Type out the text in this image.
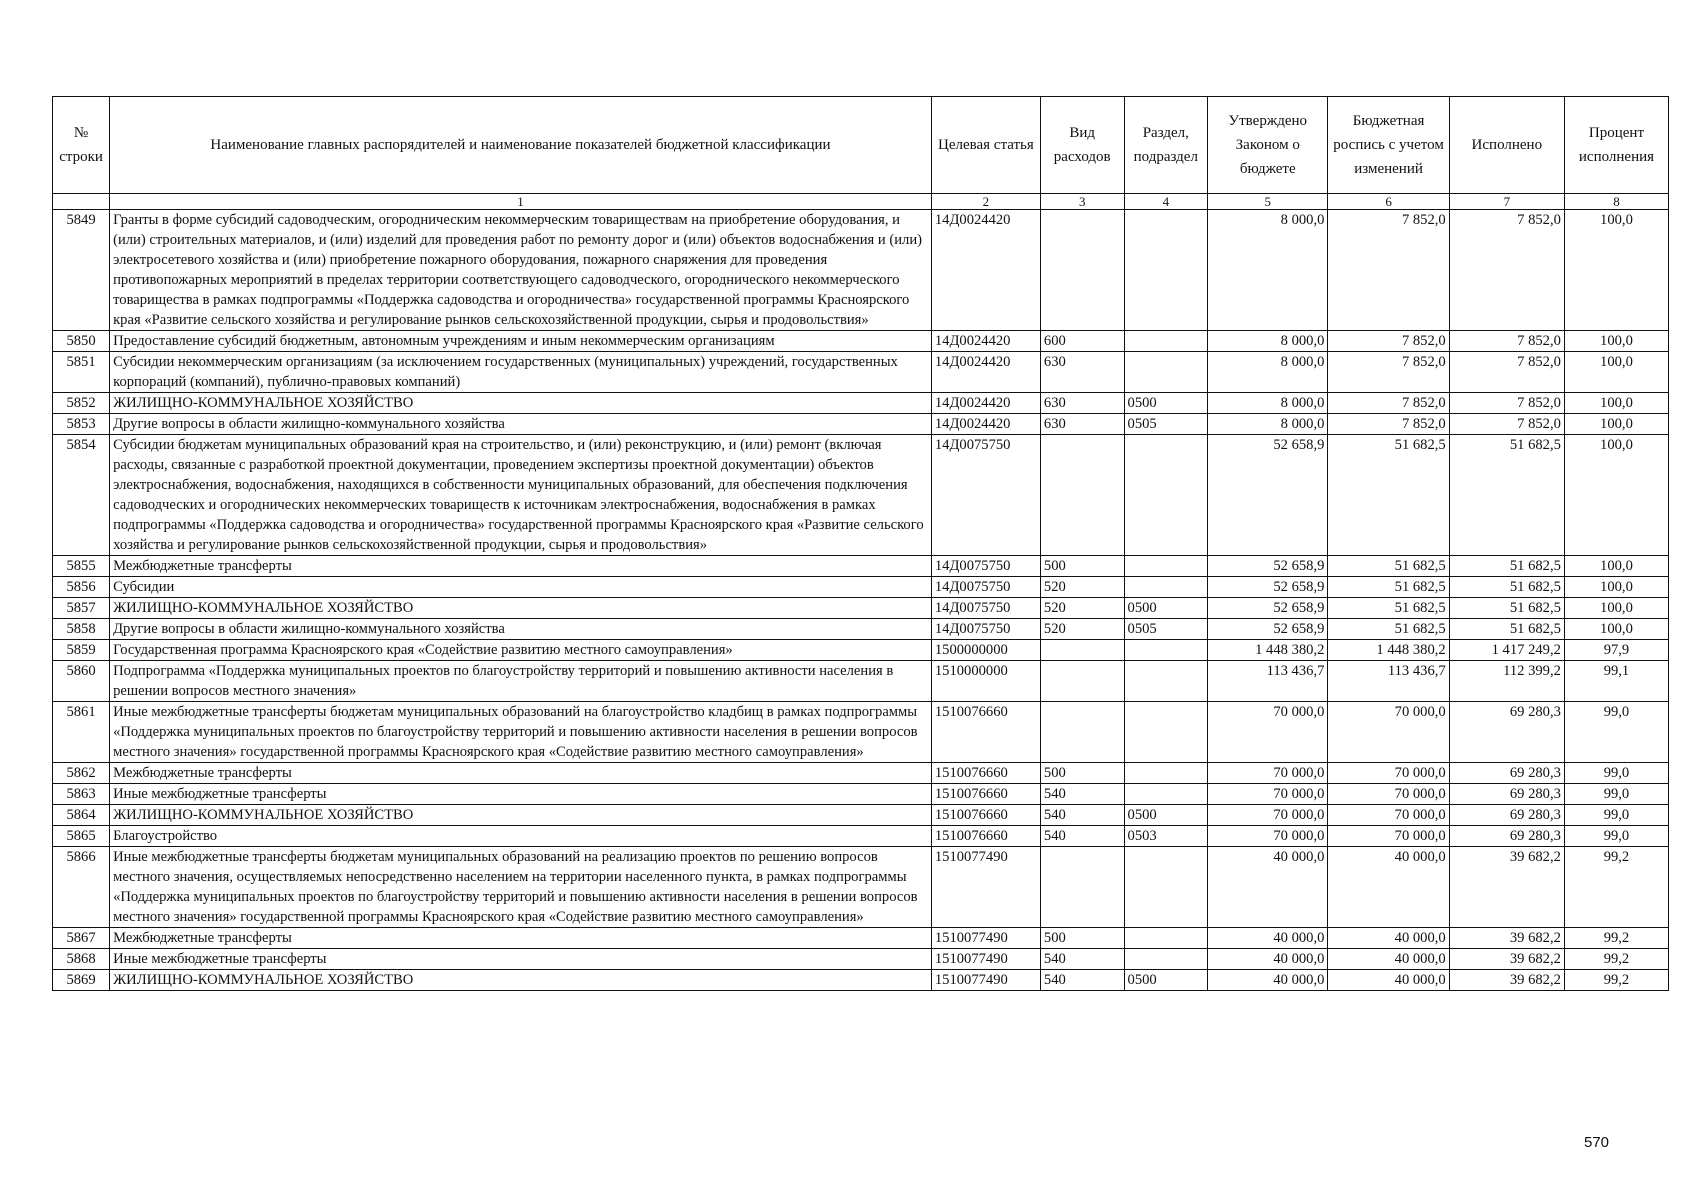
№ строки	Наименование главных распорядителей и наименование показателей бюджетной классификации	Целевая статья	Вид расходов	Раздел, подраздел	Утверждено Законом о бюджете	Бюджетная роспись с учетом изменений	Исполнено	Процент исполнения
	1	2	3	4	5	6	7	8
5849	Гранты в форме субсидий садоводческим, огородническим некоммерческим товариществам на приобретение оборудования, и (или) строительных материалов, и (или) изделий для проведения работ по ремонту дорог и (или) объектов водоснабжения и (или) электросетевого хозяйства и (или) приобретение пожарного оборудования, пожарного снаряжения для проведения противопожарных мероприятий в пределах территории соответствующего садоводческого, огороднического некоммерческого товарищества в рамках подпрограммы «Поддержка садоводства и огородничества» государственной программы Красноярского края «Развитие сельского хозяйства и регулирование рынков сельскохозяйственной продукции, сырья и продовольствия»	14Д0024420			8 000,0	7 852,0	7 852,0	100,0
5850	Предоставление субсидий бюджетным, автономным учреждениям и иным некоммерческим организациям	14Д0024420	600		8 000,0	7 852,0	7 852,0	100,0
5851	Субсидии некоммерческим организациям (за исключением государственных (муниципальных) учреждений, государственных корпораций (компаний), публично-правовых компаний)	14Д0024420	630		8 000,0	7 852,0	7 852,0	100,0
5852	ЖИЛИЩНО-КОММУНАЛЬНОЕ ХОЗЯЙСТВО	14Д0024420	630	0500	8 000,0	7 852,0	7 852,0	100,0
5853	Другие вопросы в области жилищно-коммунального хозяйства	14Д0024420	630	0505	8 000,0	7 852,0	7 852,0	100,0
5854	Субсидии бюджетам муниципальных образований края на строительство, и (или) реконструкцию, и (или) ремонт (включая расходы, связанные с разработкой проектной документации, проведением экспертизы проектной документации) объектов электроснабжения, водоснабжения, находящихся в собственности муниципальных образований, для обеспечения подключения садоводческих и огороднических некоммерческих товариществ к источникам электроснабжения, водоснабжения в рамках подпрограммы «Поддержка садоводства и огородничества» государственной программы Красноярского края «Развитие сельского хозяйства и регулирование рынков сельскохозяйственной продукции, сырья и продовольствия»	14Д0075750			52 658,9	51 682,5	51 682,5	100,0
5855	Межбюджетные трансферты	14Д0075750	500		52 658,9	51 682,5	51 682,5	100,0
5856	Субсидии	14Д0075750	520		52 658,9	51 682,5	51 682,5	100,0
5857	ЖИЛИЩНО-КОММУНАЛЬНОЕ ХОЗЯЙСТВО	14Д0075750	520	0500	52 658,9	51 682,5	51 682,5	100,0
5858	Другие вопросы в области жилищно-коммунального хозяйства	14Д0075750	520	0505	52 658,9	51 682,5	51 682,5	100,0
5859	Государственная программа Красноярского края «Содействие развитию местного самоуправления»	1500000000			1 448 380,2	1 448 380,2	1 417 249,2	97,9
5860	Подпрограмма «Поддержка муниципальных проектов по благоустройству территорий и повышению активности населения в решении вопросов местного значения»	1510000000			113 436,7	113 436,7	112 399,2	99,1
5861	Иные межбюджетные трансферты бюджетам муниципальных образований на благоустройство кладбищ в рамках подпрограммы «Поддержка муниципальных проектов по благоустройству территорий и повышению активности населения в решении вопросов местного значения» государственной программы Красноярского края «Содействие развитию местного самоуправления»	1510076660			70 000,0	70 000,0	69 280,3	99,0
5862	Межбюджетные трансферты	1510076660	500		70 000,0	70 000,0	69 280,3	99,0
5863	Иные межбюджетные трансферты	1510076660	540		70 000,0	70 000,0	69 280,3	99,0
5864	ЖИЛИЩНО-КОММУНАЛЬНОЕ ХОЗЯЙСТВО	1510076660	540	0500	70 000,0	70 000,0	69 280,3	99,0
5865	Благоустройство	1510076660	540	0503	70 000,0	70 000,0	69 280,3	99,0
5866	Иные межбюджетные трансферты бюджетам муниципальных образований на реализацию проектов по решению вопросов местного значения, осуществляемых непосредственно населением на территории населенного пункта, в рамках подпрограммы «Поддержка муниципальных проектов по благоустройству территорий и повышению активности населения в решении вопросов местного значения» государственной программы Красноярского края «Содействие развитию местного самоуправления»	1510077490			40 000,0	40 000,0	39 682,2	99,2
5867	Межбюджетные трансферты	1510077490	500		40 000,0	40 000,0	39 682,2	99,2
5868	Иные межбюджетные трансферты	1510077490	540		40 000,0	40 000,0	39 682,2	99,2
5869	ЖИЛИЩНО-КОММУНАЛЬНОЕ ХОЗЯЙСТВО	1510077490	540	0500	40 000,0	40 000,0	39 682,2	99,2
570
